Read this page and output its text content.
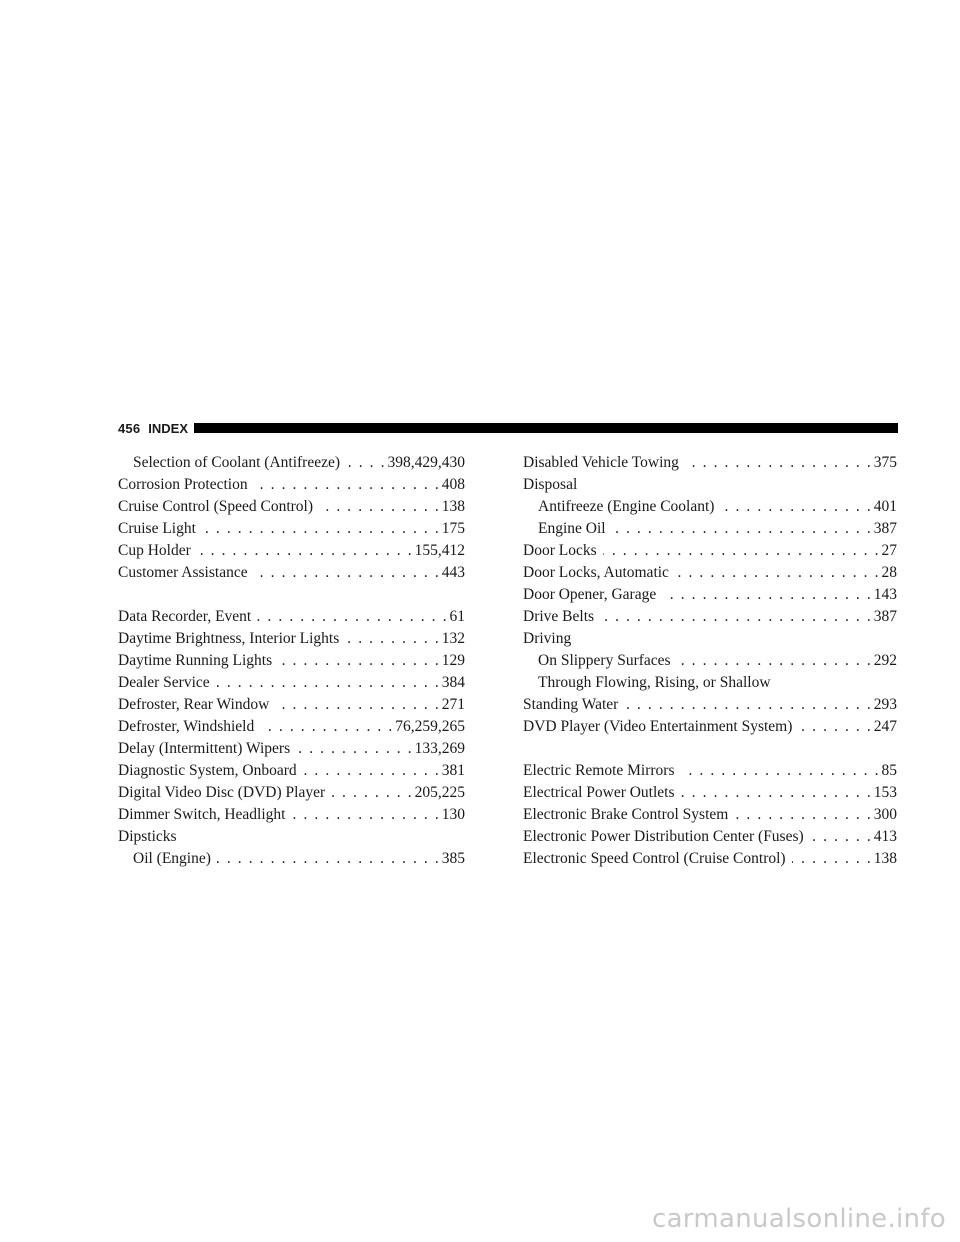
456 INDEX
Selection of Coolant (Antifreeze) . . .	398,429,430
Corrosion Protection . . .	408
Cruise Control (Speed Control) . . .	138
Cruise Light . . .	175
Cup Holder . . .	155,412
Customer Assistance . . .	443
Data Recorder, Event . . .	61
Daytime Brightness, Interior Lights . . .	132
Daytime Running Lights . . .	129
Dealer Service . . .	384
Defroster, Rear Window . . .	271
Defroster, Windshield . . .	76,259,265
Delay (Intermittent) Wipers . . .	133,269
Diagnostic System, Onboard . . .	381
Digital Video Disc (DVD) Player . . .	205,225
Dimmer Switch, Headlight . . .	130
Dipsticks
Oil (Engine) . . .	385
Disabled Vehicle Towing . . .	375
Disposal
Antifreeze (Engine Coolant) . . .	401
Engine Oil . . .	387
Door Locks . . .	27
Door Locks, Automatic . . .	28
Door Opener, Garage . . .	143
Drive Belts . . .	387
Driving
On Slippery Surfaces . . .	292
Through Flowing, Rising, or Shallow
Standing Water . . .	293
DVD Player (Video Entertainment System) . . .	247
Electric Remote Mirrors . . .	85
Electrical Power Outlets . . .	153
Electronic Brake Control System . . .	300
Electronic Power Distribution Center (Fuses) . . .	413
Electronic Speed Control (Cruise Control) . . .	138
carmanualsonline.info
